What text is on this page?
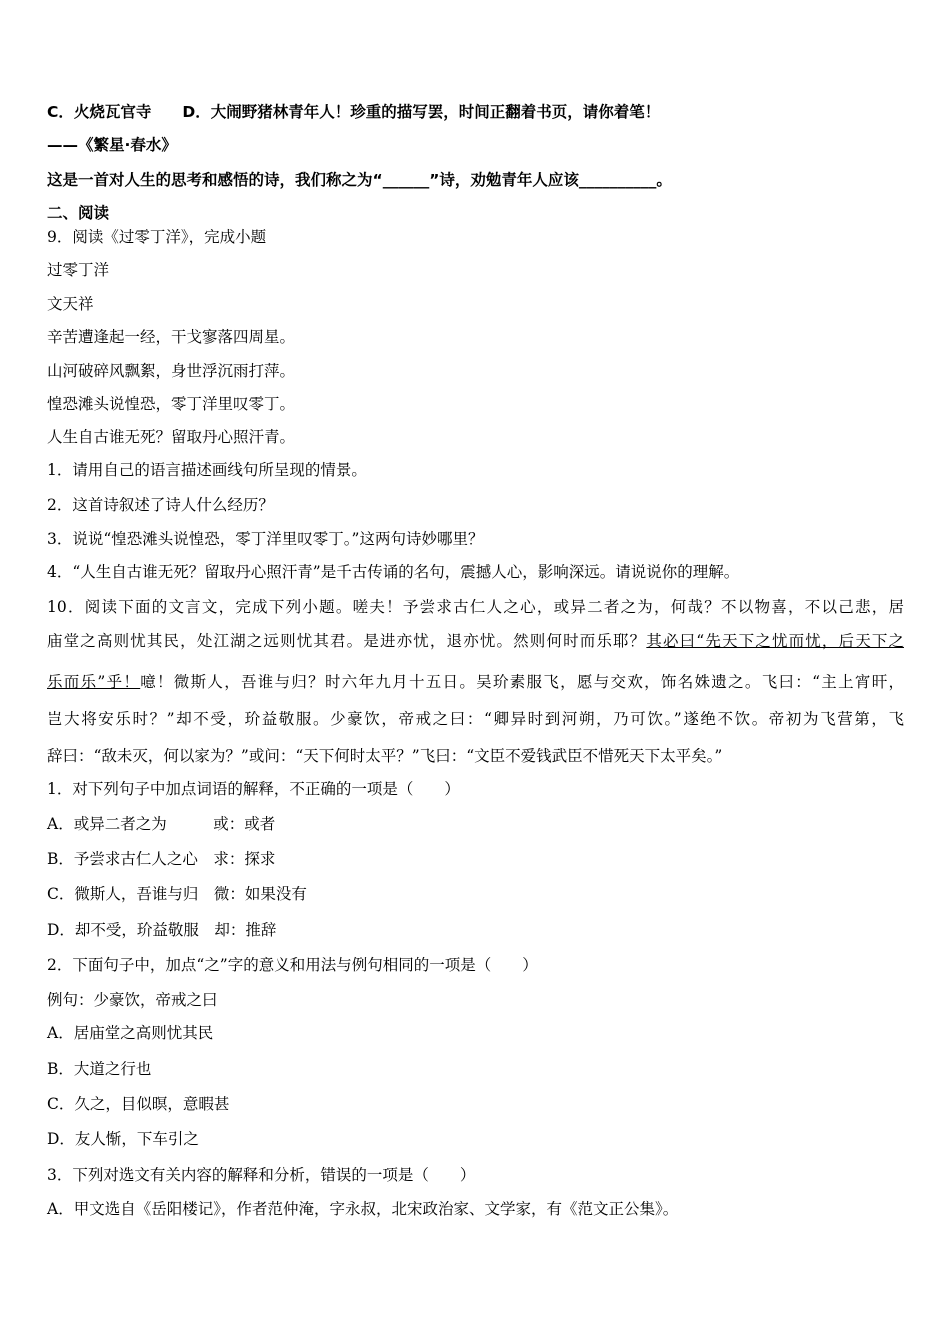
C．火烧瓦官寺　　D．大闹野猪林青年人！珍重的描写罢，时间正翻着书页，请你着笔！
——《繁星·春水》
这是一首对人生的思考和感悟的诗，我们称之为“______”诗，劝勉青年人应该__________。
二、阅读
9．阅读《过零丁洋》，完成小题
过零丁洋
文天祥
辛苦遭逢起一经，干戈寥落四周星。
山河破碎风飘絮，身世浮沉雨打萍。
惶恐滩头说惶恐，零丁洋里叹零丁。
人生自古谁无死？留取丹心照汗青。
1．请用自己的语言描述画线句所呈现的情景。
2．这首诗叙述了诗人什么经历？
3．说说“惶恐滩头说惶恐，零丁洋里叹零丁。”这两句诗妙哪里？
4．“人生自古谁无死？留取丹心照汗青”是千古传诵的名句，震撼人心，影响深远。请说说你的理解。
10．阅读下面的文言文，完成下列小题。嗟夫！予尝求古仁人之心，或异二者之为，何哉？不以物喜，不以己悲，居
庙堂之高则忧其民，处江湖之远则忧其君。是进亦忧，退亦忧。然则何时而乐耶？其必曰“先天下之忧而忧，后天下之
乐而乐”乎！噫！微斯人，吾谁与归？时六年九月十五日。吴玠素服飞，愿与交欢，饰名姝遗之。飞曰：“主上宵旰，
岂大将安乐时？”却不受，玠益敬服。少豪饮，帝戒之曰：“卿异时到河朔，乃可饮。”遂绝不饮。帝初为飞营第，飞
辞曰：“敌未灭，何以家为？”或问：“天下何时太平？”飞曰：“文臣不爱钱武臣不惜死天下太平矣。”
1．对下列句子中加点词语的解释，不正确的一项是（　　）
A．或异二者之为　　　或：或者
B．予尝求古仁人之心　求：探求
C．微斯人，吾谁与归　微：如果没有
D．却不受，玠益敬服　却：推辞
2．下面句子中，加点“之”字的意义和用法与例句相同的一项是（　　）
例句：少豪饮，帝戒之曰
A．居庙堂之高则忧其民
B．大道之行也
C．久之，目似暝，意暇甚
D．友人惭，下车引之
3．下列对选文有关内容的解释和分析，错误的一项是（　　）
A．甲文选自《岳阳楼记》，作者范仲淹，字永叔，北宋政治家、文学家，有《范文正公集》。
